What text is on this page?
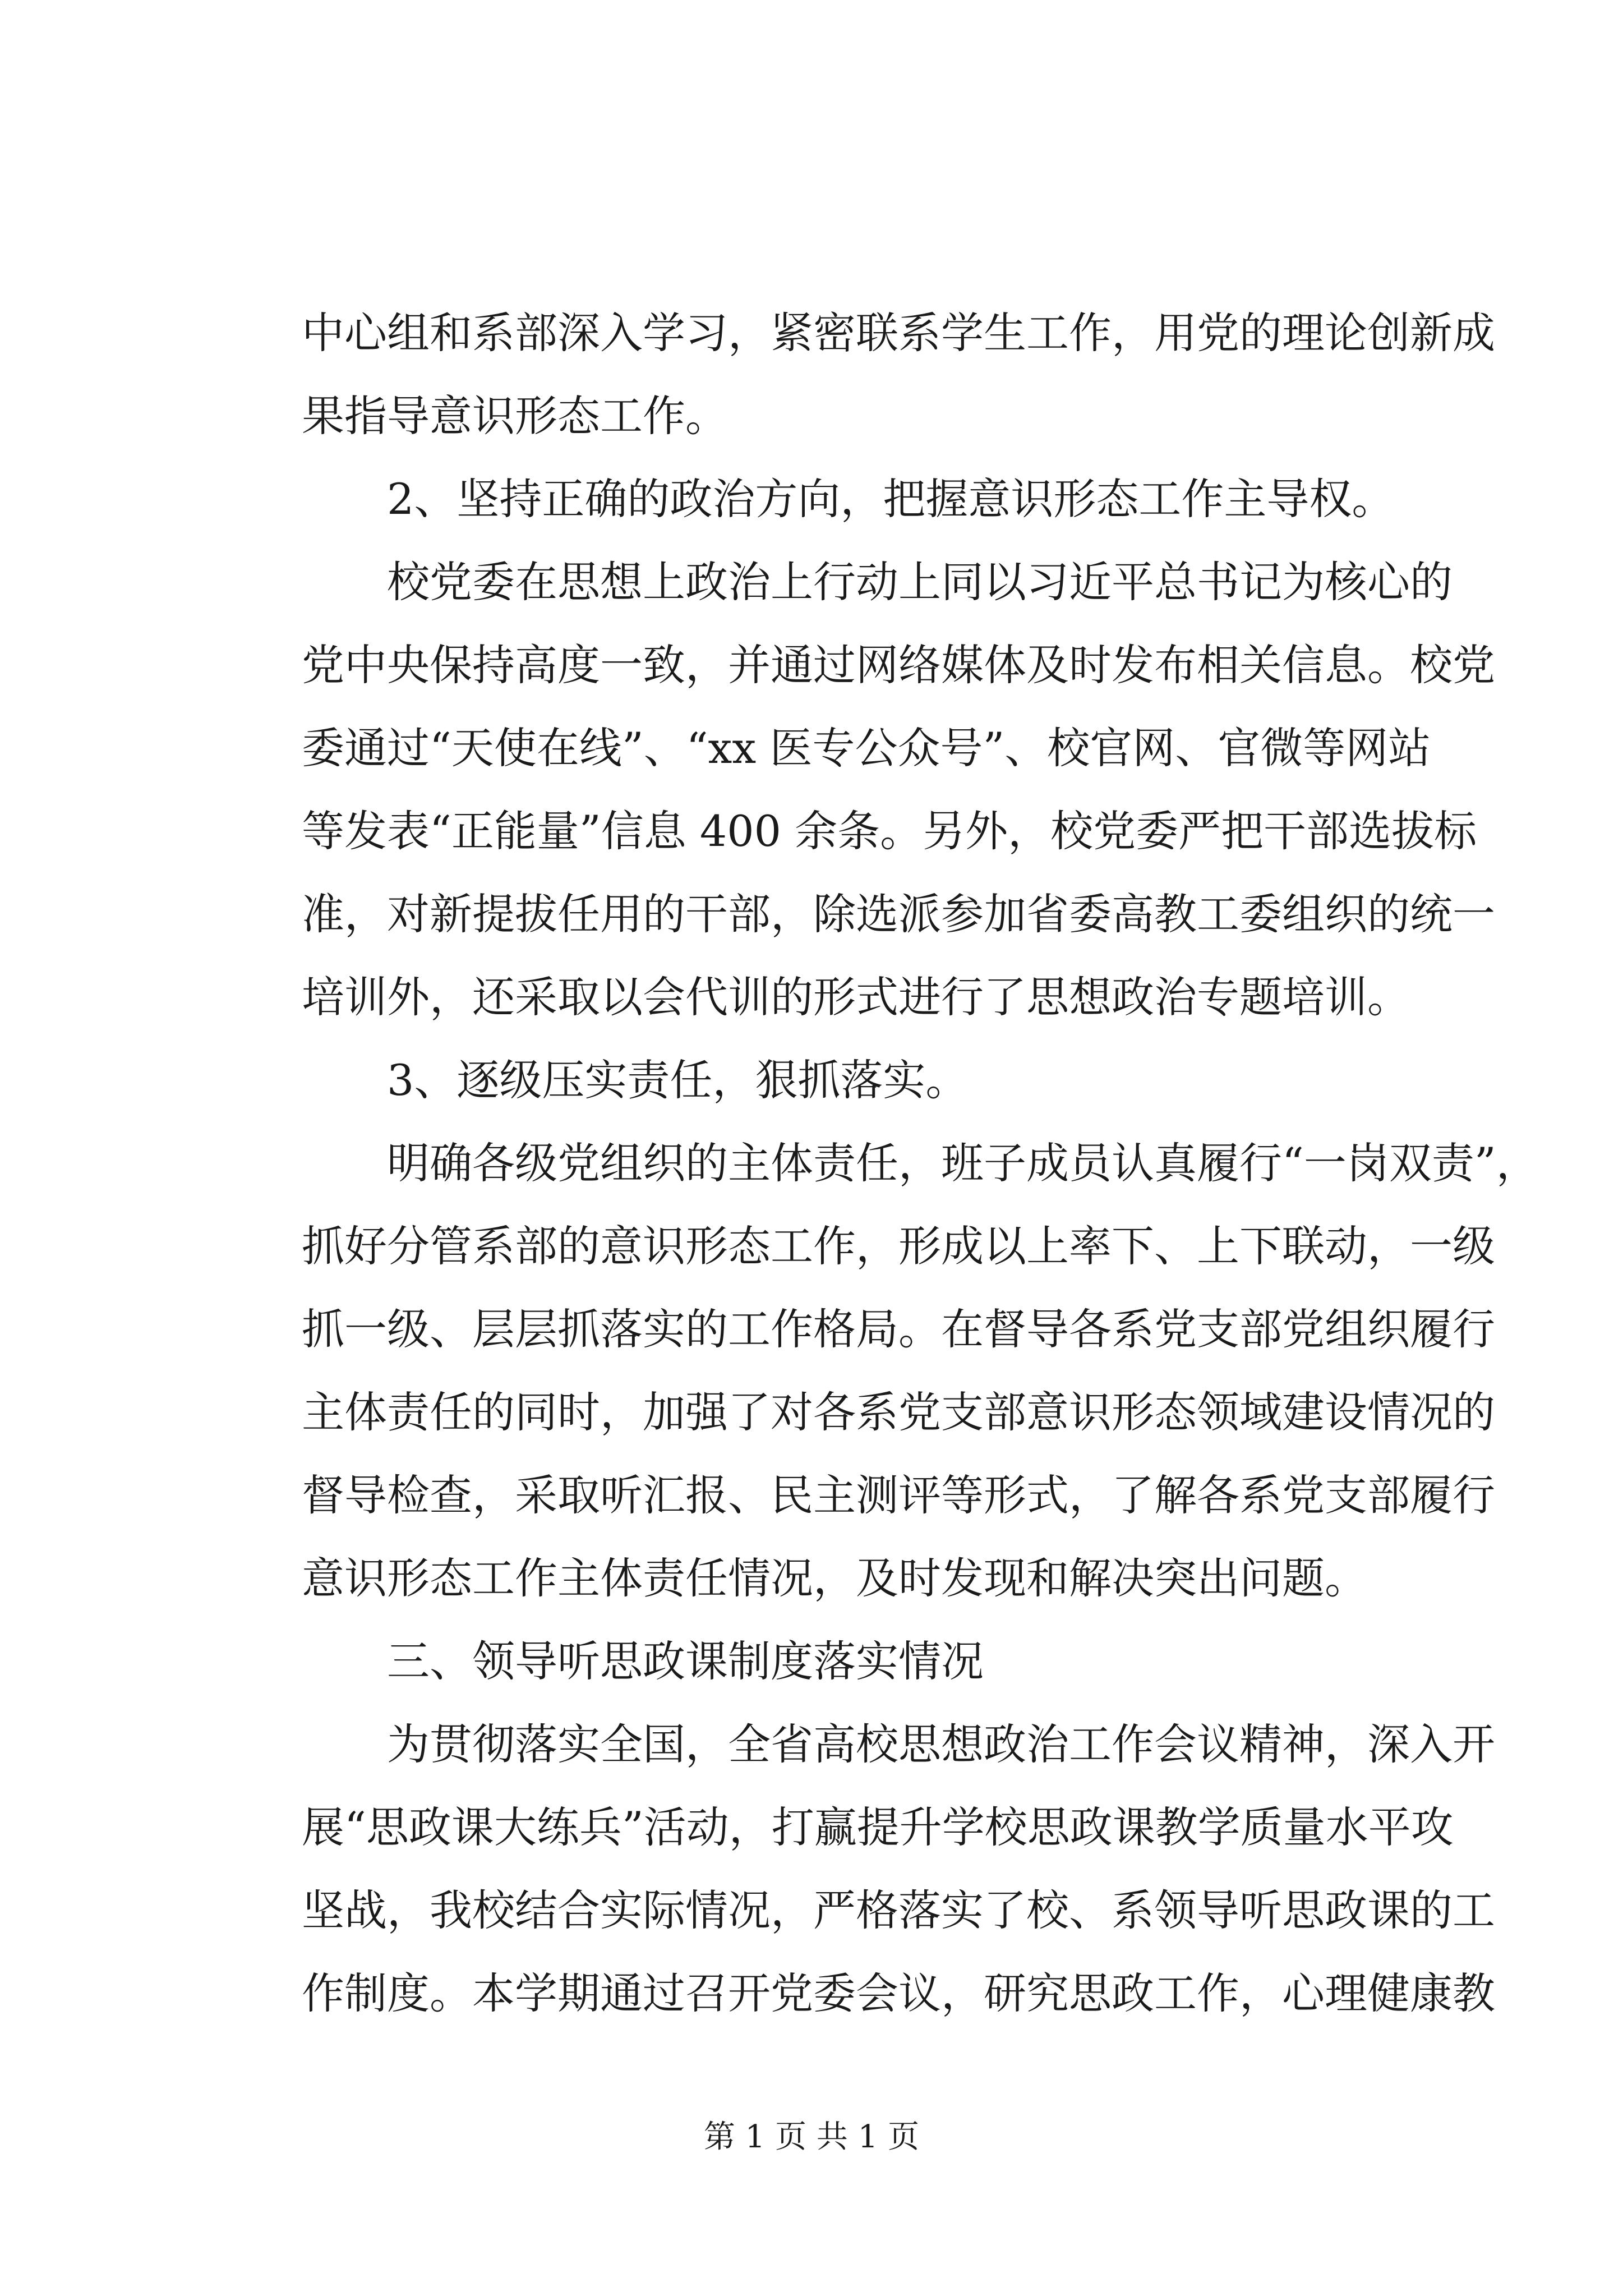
中心组和系部深入学习，紧密联系学生工作，用党的理论创新成
果指导意识形态工作。
2、坚持正确的政治方向，把握意识形态工作主导权。
校党委在思想上政治上行动上同以习近平总书记为核心的
党中央保持高度一致，并通过网络媒体及时发布相关信息。校党
委通过“天使在线”、“xx 医专公众号”、校官网、官微等网站
等发表“正能量”信息 400 余条。另外，校党委严把干部选拔标
准，对新提拔任用的干部，除选派参加省委高教工委组织的统一
培训外，还采取以会代训的形式进行了思想政治专题培训。
3、逐级压实责任，狠抓落实。
明确各级党组织的主体责任，班子成员认真履行“一岗双责”，
抓好分管系部的意识形态工作，形成以上率下、上下联动，一级
抓一级、层层抓落实的工作格局。在督导各系党支部党组织履行
主体责任的同时，加强了对各系党支部意识形态领域建设情况的
督导检查，采取听汇报、民主测评等形式，了解各系党支部履行
意识形态工作主体责任情况，及时发现和解决突出问题。
三、领导听思政课制度落实情况
为贯彻落实全国，全省高校思想政治工作会议精神，深入开
展“思政课大练兵”活动，打赢提升学校思政课教学质量水平攻
坚战，我校结合实际情况，严格落实了校、系领导听思政课的工
作制度。本学期通过召开党委会议，研究思政工作，心理健康教
第 1 页 共 1 页
